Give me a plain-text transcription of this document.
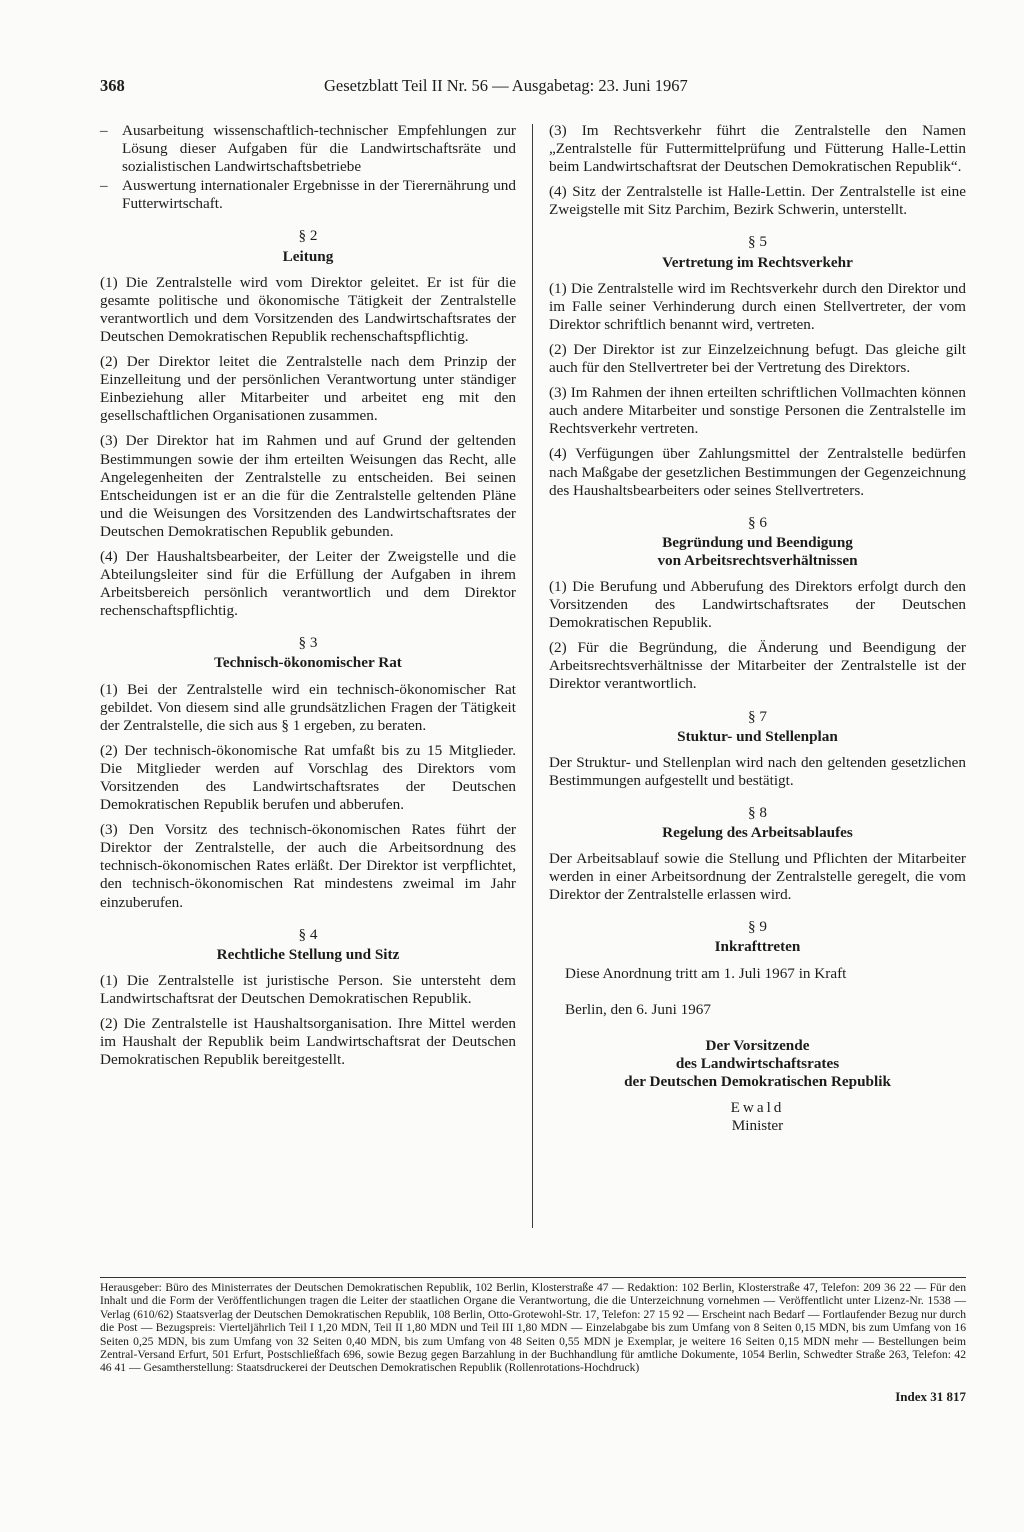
368	Gesetzblatt Teil II Nr. 56 — Ausgabetag: 23. Juni 1967
– Ausarbeitung wissenschaftlich-technischer Empfehlungen zur Lösung dieser Aufgaben für die Landwirtschaftsräte und sozialistischen Landwirtschaftsbetriebe
– Auswertung internationaler Ergebnisse in der Tierernährung und Futterwirtschaft.
§ 2
Leitung

(1) Die Zentralstelle wird vom Direktor geleitet. Er ist für die gesamte politische und ökonomische Tätigkeit der Zentralstelle verantwortlich und dem Vorsitzenden des Landwirtschaftsrates der Deutschen Demokratischen Republik rechenschaftspflichtig.

(2) Der Direktor leitet die Zentralstelle nach dem Prinzip der Einzelleitung und der persönlichen Verantwortung unter ständiger Einbeziehung aller Mitarbeiter und arbeitet eng mit den gesellschaftlichen Organisationen zusammen.

(3) Der Direktor hat im Rahmen und auf Grund der geltenden Bestimmungen sowie der ihm erteilten Weisungen das Recht, alle Angelegenheiten der Zentralstelle zu entscheiden. Bei seinen Entscheidungen ist er an die für die Zentralstelle geltenden Pläne und die Weisungen des Vorsitzenden des Landwirtschaftsrates der Deutschen Demokratischen Republik gebunden.

(4) Der Haushaltsbearbeiter, der Leiter der Zweigstelle und die Abteilungsleiter sind für die Erfüllung der Aufgaben in ihrem Arbeitsbereich persönlich verantwortlich und dem Direktor rechenschaftspflichtig.

§ 3
Technisch-ökonomischer Rat

(1) Bei der Zentralstelle wird ein technisch-ökonomischer Rat gebildet. Von diesem sind alle grundsätzlichen Fragen der Tätigkeit der Zentralstelle, die sich aus § 1 ergeben, zu beraten.

(2) Der technisch-ökonomische Rat umfaßt bis zu 15 Mitglieder. Die Mitglieder werden auf Vorschlag des Direktors vom Vorsitzenden des Landwirtschaftsrates der Deutschen Demokratischen Republik berufen und abberufen.

(3) Den Vorsitz des technisch-ökonomischen Rates führt der Direktor der Zentralstelle, der auch die Arbeitsordnung des technisch-ökonomischen Rates erläßt. Der Direktor ist verpflichtet, den technisch-ökonomischen Rat mindestens zweimal im Jahr einzuberufen.

§ 4
Rechtliche Stellung und Sitz

(1) Die Zentralstelle ist juristische Person. Sie untersteht dem Landwirtschaftsrat der Deutschen Demokratischen Republik.

(2) Die Zentralstelle ist Haushaltsorganisation. Ihre Mittel werden im Haushalt der Republik beim Landwirtschaftsrat der Deutschen Demokratischen Republik bereitgestellt.

(3) Im Rechtsverkehr führt die Zentralstelle den Namen „Zentralstelle für Futtermittelprüfung und Fütterung Halle-Lettin beim Landwirtschaftsrat der Deutschen Demokratischen Republik“.

(4) Sitz der Zentralstelle ist Halle-Lettin. Der Zentralstelle ist eine Zweigstelle mit Sitz Parchim, Bezirk Schwerin, unterstellt.

§ 5
Vertretung im Rechtsverkehr

(1) Die Zentralstelle wird im Rechtsverkehr durch den Direktor und im Falle seiner Verhinderung durch einen Stellvertreter, der vom Direktor schriftlich benannt wird, vertreten.

(2) Der Direktor ist zur Einzelzeichnung befugt. Das gleiche gilt auch für den Stellvertreter bei der Vertretung des Direktors.

(3) Im Rahmen der ihnen erteilten schriftlichen Vollmachten können auch andere Mitarbeiter und sonstige Personen die Zentralstelle im Rechtsverkehr vertreten.

(4) Verfügungen über Zahlungsmittel der Zentralstelle bedürfen nach Maßgabe der gesetzlichen Bestimmungen der Gegenzeichnung des Haushaltsbearbeiters oder seines Stellvertreters.

§ 6
Begründung und Beendigung
von Arbeitsrechtsverhältnissen

(1) Die Berufung und Abberufung des Direktors erfolgt durch den Vorsitzenden des Landwirtschaftsrates der Deutschen Demokratischen Republik.

(2) Für die Begründung, die Änderung und Beendigung der Arbeitsrechtsverhältnisse der Mitarbeiter der Zentralstelle ist der Direktor verantwortlich.

§ 7
Stuktur- und Stellenplan

Der Struktur- und Stellenplan wird nach den geltenden gesetzlichen Bestimmungen aufgestellt und bestätigt.

§ 8
Regelung des Arbeitsablaufes

Der Arbeitsablauf sowie die Stellung und Pflichten der Mitarbeiter werden in einer Arbeitsordnung der Zentralstelle geregelt, die vom Direktor der Zentralstelle erlassen wird.

§ 9
Inkrafttreten
Diese Anordnung tritt am 1. Juli 1967 in Kraft
Berlin, den 6. Juni 1967
Der Vorsitzende
des Landwirtschaftsrates
der Deutschen Demokratischen Republik
Ewald
Minister
Herausgeber: Büro des Ministerrates der Deutschen Demokratischen Republik, 102 Berlin, Klosterstraße 47 — Redaktion: 102 Berlin, Klosterstraße 47, Telefon: 209 36 22 — Für den Inhalt und die Form der Veröffentlichungen tragen die Leiter der staatlichen Organe die Verantwortung, die die Unterzeichnung vornehmen — Veröffentlicht unter Lizenz-Nr. 1538 — Verlag (610/62) Staatsverlag der Deutschen Demokratischen Republik, 108 Berlin, Otto-Grotewohl-Str. 17, Telefon: 27 15 92 — Erscheint nach Bedarf — Fortlaufender Bezug nur durch die Post — Bezugspreis: Vierteljährlich Teil I 1,20 MDN, Teil II 1,80 MDN und Teil III 1,80 MDN — Einzelabgabe bis zum Umfang von 8 Seiten 0,15 MDN, bis zum Umfang von 16 Seiten 0,25 MDN, bis zum Umfang von 32 Seiten 0,40 MDN, bis zum Umfang von 48 Seiten 0,55 MDN je Exemplar, je weitere 16 Seiten 0,15 MDN mehr — Bestellungen beim Zentral-Versand Erfurt, 501 Erfurt, Postschließfach 696, sowie Bezug gegen Barzahlung in der Buchhandlung für amtliche Dokumente, 1054 Berlin, Schwedter Straße 263, Telefon: 42 46 41 — Gesamtherstellung: Staatsdruckerei der Deutschen Demokratischen Republik (Rollenrotations-Hochdruck)
Index 31 817
